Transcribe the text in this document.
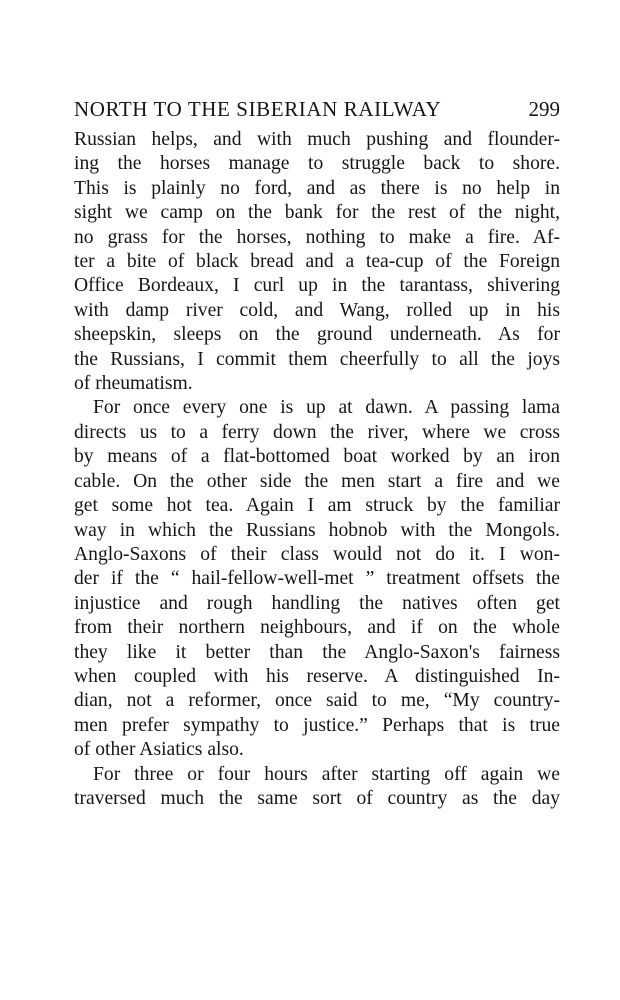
NORTH TO THE SIBERIAN RAILWAY	299
Russian helps, and with much pushing and flounder-
ing the horses manage to struggle back to shore.
This is plainly no ford, and as there is no help in
sight we camp on the bank for the rest of the night,
no grass for the horses, nothing to make a fire. Af-
ter a bite of black bread and a tea-cup of the Foreign
Office Bordeaux, I curl up in the tarantass, shivering
with damp river cold, and Wang, rolled up in his
sheepskin, sleeps on the ground underneath. As for
the Russians, I commit them cheerfully to all the joys
of rheumatism.
For once every one is up at dawn. A passing lama
directs us to a ferry down the river, where we cross
by means of a flat-bottomed boat worked by an iron
cable. On the other side the men start a fire and we
get some hot tea. Again I am struck by the familiar
way in which the Russians hobnob with the Mongols.
Anglo-Saxons of their class would not do it. I won-
der if the “ hail-fellow-well-met ” treatment offsets the
injustice and rough handling the natives often get
from their northern neighbours, and if on the whole
they like it better than the Anglo-Saxon's fairness
when coupled with his reserve. A distinguished In-
dian, not a reformer, once said to me, “My country-
men prefer sympathy to justice.” Perhaps that is true
of other Asiatics also.
For three or four hours after starting off again we
traversed much the same sort of country as the day
